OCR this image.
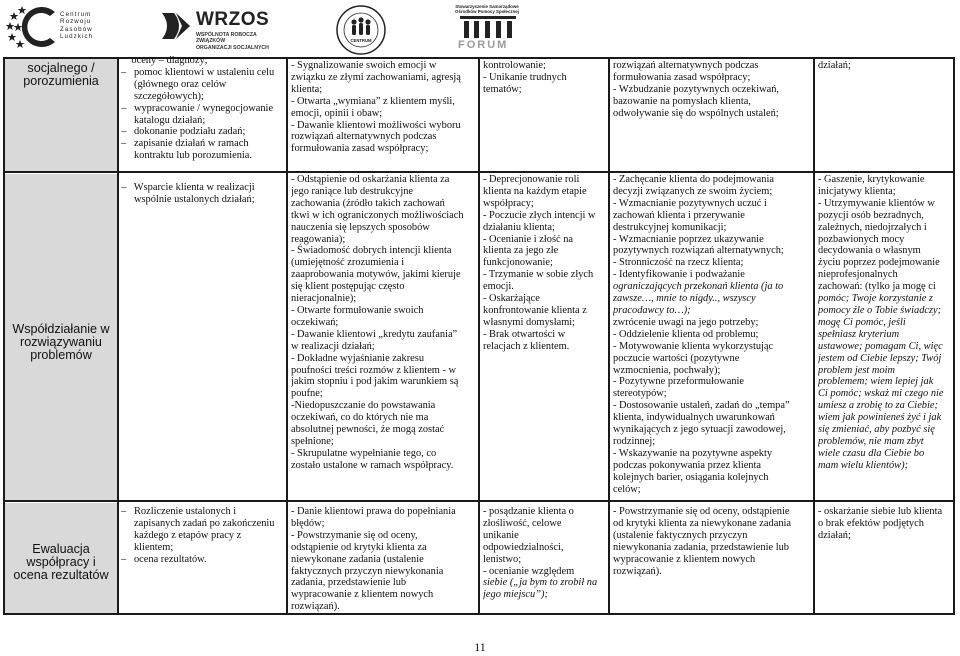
Centrum
Rozwoju
Zasobów
Ludzkich
WRZOS
WSPÓLNOTA ROBOCZA ZWIĄZKÓW
ORGANIZACJI SOCJALNYCH
CENTRUM
Stowarzyszenie Samorządowe
Ośrodków Pomocy Społecznej
FORUM
socjalnego /
porozumienia
oceny – diagnozy;
–   pomoc klientowi w ustaleniu celu
(głównego oraz celów
szczegółowych);
–   wypracowanie / wynegocjowanie
katalogu działań;
–   dokonanie podziału zadań;
–   zapisanie działań w ramach
kontraktu lub porozumienia.
- Sygnalizowanie swoich emocji w
związku ze złymi zachowaniami, agresją
klienta;
- Otwarta „wymiana” z klientem myśli,
emocji, opinii i obaw;
- Dawanie klientowi możliwości wyboru
rozwiązań alternatywnych podczas
formułowania zasad współpracy;
kontrolowanie;
- Unikanie trudnych
tematów;
rozwiązań alternatywnych podczas
formułowania zasad współpracy;
- Wzbudzanie pozytywnych oczekiwań,
bazowanie na pomysłach klienta,
odwoływanie się do wspólnych ustaleń;
działań;
Współdziałanie w
rozwiązywaniu
problemów
–   Wsparcie klienta w realizacji
wspólnie ustalonych działań;
- Odstąpienie od oskarżania klienta za
jego raniące lub destrukcyjne
zachowania (źródło takich zachowań
tkwi w ich ograniczonych możliwościach
nauczenia się lepszych sposobów
reagowania);
- Świadomość dobrych intencji klienta
(umiejętność zrozumienia i
zaaprobowania motywów, jakimi kieruje
się klient postępując często
nieracjonalnie);
- Otwarte formułowanie swoich
oczekiwań;
- Dawanie klientowi „kredytu zaufania”
w realizacji działań;
- Dokładne wyjaśnianie zakresu
poufności treści rozmów z klientem - w
jakim stopniu i pod jakim warunkiem są
poufne;
-Niedopuszczanie do powstawania
oczekiwań, co do których nie ma
absolutnej pewności, że mogą zostać
spełnione;
- Skrupulatne wypełnianie tego, co
zostało ustalone w ramach współpracy.
- Deprecjonowanie roli
klienta na każdym etapie
współpracy;
- Poczucie złych intencji w
działaniu klienta;
- Ocenianie i złość na
klienta za jego złe
funkcjonowanie;
- Trzymanie w sobie złych
emocji.
- Oskarżające
konfrontowanie klienta z
własnymi domysłami;
- Brak otwartości w
relacjach z klientem.
- Zachęcanie klienta do podejmowania
decyzji związanych ze swoim życiem;
- Wzmacnianie pozytywnych uczuć i
zachowań klienta i przerywanie
destrukcyjnej komunikacji;
- Wzmacnianie poprzez ukazywanie
pozytywnych rozwiązań alternatywnych;
- Stronniczość na rzecz klienta;
- Identyfikowanie i podważanie
ograniczających przekonań klienta (ja to
zawsze…, mnie to nigdy.., wszyscy
pracodawcy to…);
zwrócenie uwagi na jego potrzeby;
- Oddzielenie klienta od problemu;
- Motywowanie klienta wykorzystując
poczucie wartości (pozytywne
wzmocnienia, pochwały);
- Pozytywne przeformułowanie
stereotypów;
- Dostosowanie ustaleń, zadań do „tempa”
klienta, indywidualnych uwarunkowań
wynikających z jego sytuacji zawodowej,
rodzinnej;
- Wskazywanie na pozytywne aspekty
podczas pokonywania przez klienta
kolejnych barier, osiągania kolejnych
celów;
- Gaszenie, krytykowanie
inicjatywy klienta;
- Utrzymywanie klientów w
pozycji osób bezradnych,
zależnych, niedojrzałych i
pozbawionych mocy
decydowania o własnym
życiu poprzez podejmowanie
nieprofesjonalnych
zachowań: (tylko ja mogę ci
pomóc; Twoje korzystanie z
pomocy źle o Tobie świadczy;
mogę Ci pomóc, jeśli
spełniasz kryterium
ustawowe; pomagam Ci, więc
jestem od Ciebie lepszy; Twój
problem jest moim
problemem; wiem lepiej jak
Ci pomóc; wskaż mi czego nie
umiesz a zrobię to za Ciebie;
wiem jak powinieneś żyć i jak
się zmieniać, aby pozbyć się
problemów, nie mam zbyt
wiele czasu dla Ciebie bo
mam wielu klientów);
Ewaluacja
współpracy i
ocena rezultatów
–   Rozliczenie ustalonych i
zapisanych zadań po zakończeniu
każdego z etapów pracy z
klientem;
–   ocena rezultatów.
- Danie klientowi prawa do popełniania
błędów;
- Powstrzymanie się od oceny,
odstąpienie od krytyki klienta za
niewykonane zadania (ustalenie
faktycznych przyczyn niewykonania
zadania, przedstawienie lub
wypracowanie z klientem nowych
rozwiązań).
- posądzanie klienta o
złośliwość, celowe
unikanie
odpowiedzialności,
lenistwo;
- ocenianie względem
siebie („ja bym to zrobił na
jego miejscu”);
- Powstrzymanie się od oceny, odstąpienie
od krytyki klienta za niewykonane zadania
(ustalenie faktycznych przyczyn
niewykonania zadania, przedstawienie lub
wypracowanie z klientem nowych
rozwiązań).
- oskarżanie siebie lub klienta
o brak efektów podjętych
działań;
11
